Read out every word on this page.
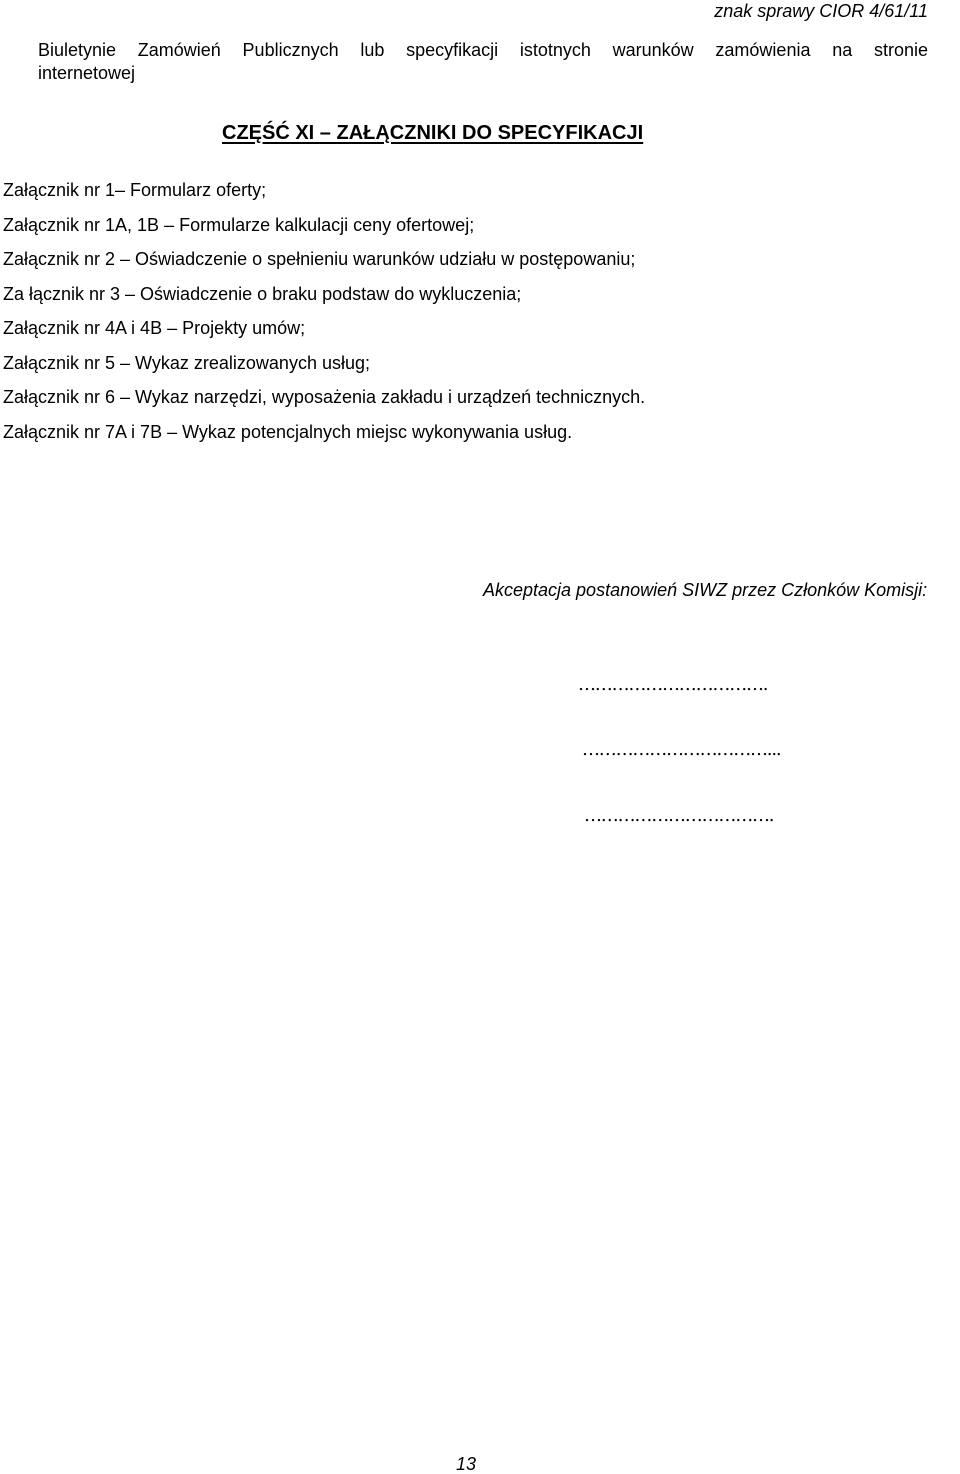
znak sprawy CIOR 4/61/11
Biuletynie Zamówień Publicznych lub specyfikacji istotnych warunków zamówienia na stronie
internetowej
CZĘŚĆ XI – ZAŁĄCZNIKI DO SPECYFIKACJI
Załącznik nr 1– Formularz oferty;
Załącznik nr 1A, 1B – Formularze kalkulacji ceny ofertowej;
Załącznik nr 2 – Oświadczenie o spełnieniu warunków udziału w postępowaniu;
Za łącznik nr 3 – Oświadczenie o braku podstaw do wykluczenia;
Załącznik nr 4A i 4B – Projekty umów;
Załącznik nr 5 – Wykaz zrealizowanych usług;
Załącznik nr 6 – Wykaz narzędzi, wyposażenia zakładu i urządzeń technicznych.
Załącznik nr 7A i 7B – Wykaz potencjalnych miejsc wykonywania usług.
Akceptacja postanowień SIWZ przez Członków Komisji:
…………………………….
……………………………...
…………………………….
13
